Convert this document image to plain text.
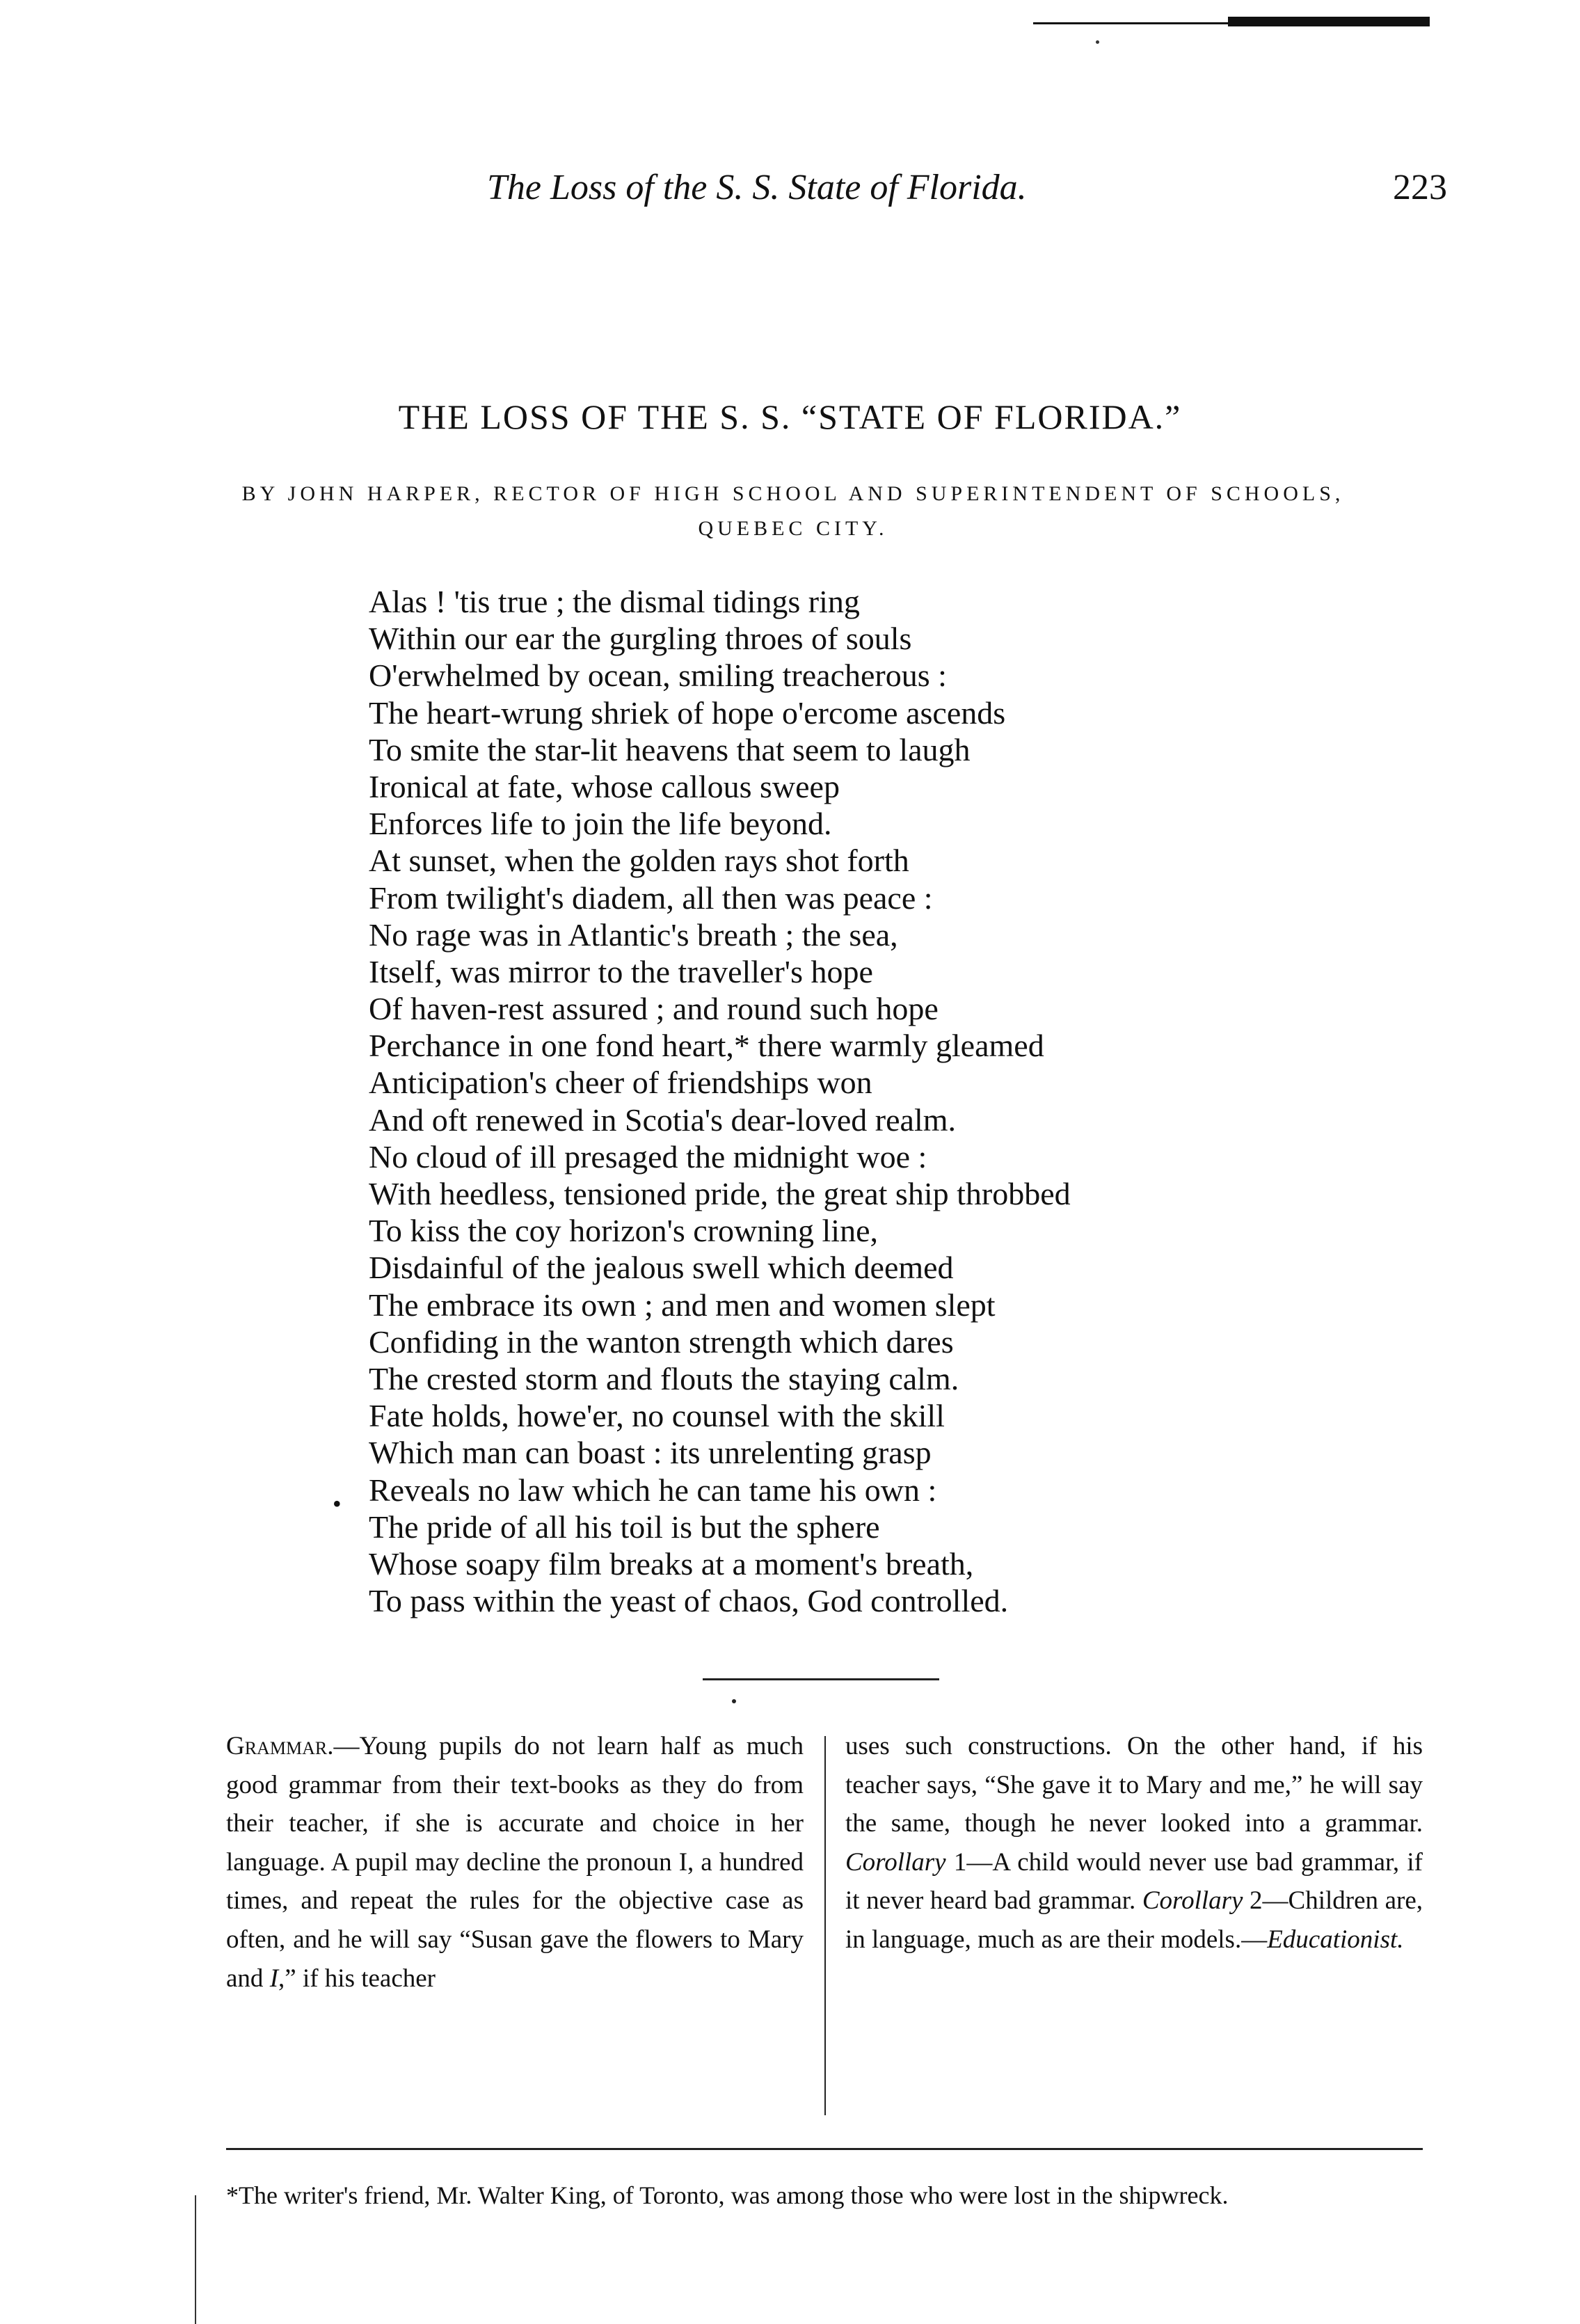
The Loss of the S. S. State of Florida.	223
THE LOSS OF THE S. S. “STATE OF FLORIDA.”
BY JOHN HARPER, RECTOR OF HIGH SCHOOL AND SUPERINTENDENT OF SCHOOLS, QUEBEC CITY.
Alas ! 'tis true ; the dismal tidings ring
Within our ear the gurgling throes of souls
O'erwhelmed by ocean, smiling treacherous :
The heart-wrung shriek of hope o'ercome ascends
To smite the star-lit heavens that seem to laugh
Ironical at fate, whose callous sweep
Enforces life to join the life beyond.
At sunset, when the golden rays shot forth
From twilight's diadem, all then was peace :
No rage was in Atlantic's breath ; the sea,
Itself, was mirror to the traveller's hope
Of haven-rest assured ; and round such hope
Perchance in one fond heart,* there warmly gleamed
Anticipation's cheer of friendships won
And oft renewed in Scotia's dear-loved realm.
No cloud of ill presaged the midnight woe :
With heedless, tensioned pride, the great ship throbbed
To kiss the coy horizon's crowning line,
Disdainful of the jealous swell which deemed
The embrace its own ; and men and women slept
Confiding in the wanton strength which dares
The crested storm and flouts the staying calm.
Fate holds, howe'er, no counsel with the skill
Which man can boast : its unrelenting grasp
Reveals no law which he can tame his own :
The pride of all his toil is but the sphere
Whose soapy film breaks at a moment's breath,
To pass within the yeast of chaos, God controlled.
•
Grammar.—Young pupils do not learn half as much good grammar from their text-books as they do from their teacher, if she is accurate and choice in her language. A pupil may decline the pronoun I, a hundred times, and repeat the rules for the objective case as often, and he will say “Susan gave the flowers to Mary and I,” if his teacher
uses such constructions. On the other hand, if his teacher says, “She gave it to Mary and me,” he will say the same, though he never looked into a grammar. Corollary 1—A child would never use bad grammar, if it never heard bad grammar. Corollary 2—Children are, in language, much as are their models.—Educationist.
*The writer's friend, Mr. Walter King, of Toronto, was among those who were lost in the shipwreck.
